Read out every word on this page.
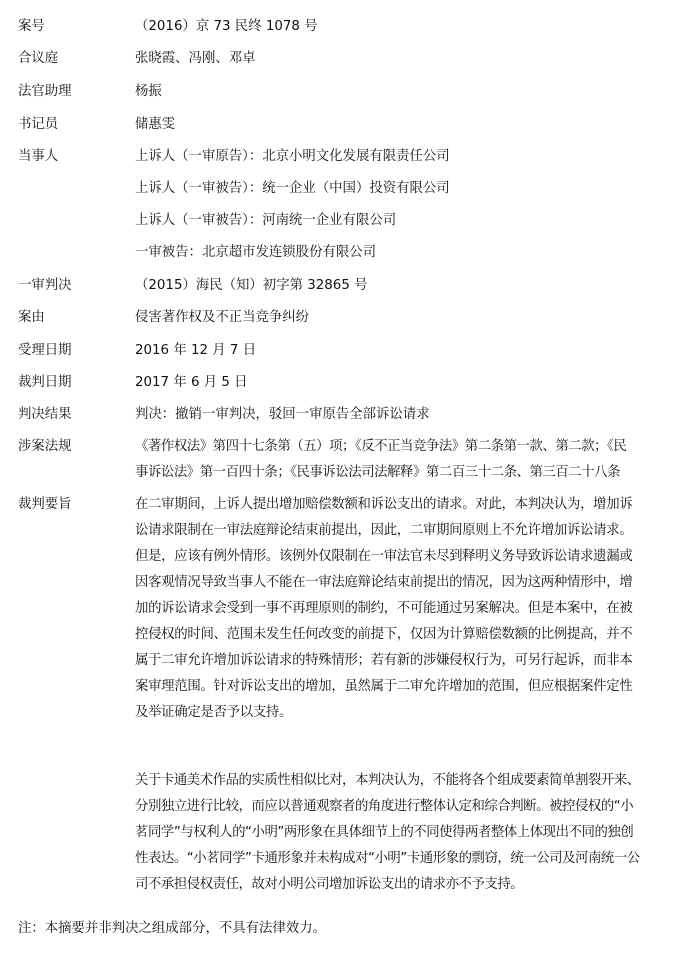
案号	（2016）京 73 民终 1078 号
合议庭	张晓霞、冯刚、邓卓
法官助理	杨振
书记员	储惠雯
当事人	上诉人（一审原告）：北京小明文化发展有限责任公司
上诉人（一审被告）：统一企业（中国）投资有限公司
上诉人（一审被告）：河南统一企业有限公司
一审被告：北京超市发连锁股份有限公司
一审判决	（2015）海民（知）初字第 32865 号
案由	侵害著作权及不正当竞争纠纷
受理日期	2016 年 12 月 7 日
裁判日期	2017 年 6 月 5 日
判决结果	判决：撤销一审判决，驳回一审原告全部诉讼请求
涉案法规	《著作权法》第四十七条第（五）项；《反不正当竞争法》第二条第一款、第二款；《民
事诉讼法》第一百四十条；《民事诉讼法司法解释》第二百三十二条、第三百二十八条

裁判要旨	在二审期间，上诉人提出增加赔偿数额和诉讼支出的请求。对此，本判决认为，增加诉
讼请求限制在一审法庭辩论结束前提出，因此，二审期间原则上不允许增加诉讼请求。
但是，应该有例外情形。该例外仅限制在一审法官未尽到释明义务导致诉讼请求遗漏或
因客观情况导致当事人不能在一审法庭辩论结束前提出的情况，因为这两种情形中，增
加的诉讼请求会受到一事不再理原则的制约，不可能通过另案解决。但是本案中，在被
控侵权的时间、范围未发生任何改变的前提下，仅因为计算赔偿数额的比例提高，并不
属于二审允许增加诉讼请求的特殊情形；若有新的涉嫌侵权行为，可另行起诉，而非本
案审理范围。针对诉讼支出的增加，虽然属于二审允许增加的范围，但应根据案件定性
及举证确定是否予以支持。

关于卡通美术作品的实质性相似比对，本判决认为，不能将各个组成要素简单割裂开来、
分别独立进行比较，而应以普通观察者的角度进行整体认定和综合判断。被控侵权的“小
茗同学”与权利人的“小明”两形象在具体细节上的不同使得两者整体上体现出不同的独创
性表达。“小茗同学”卡通形象并未构成对“小明”卡通形象的剽窃，统一公司及河南统一公
司不承担侵权责任，故对小明公司增加诉讼支出的请求亦不予支持。

注：本摘要并非判决之组成部分，不具有法律效力。
